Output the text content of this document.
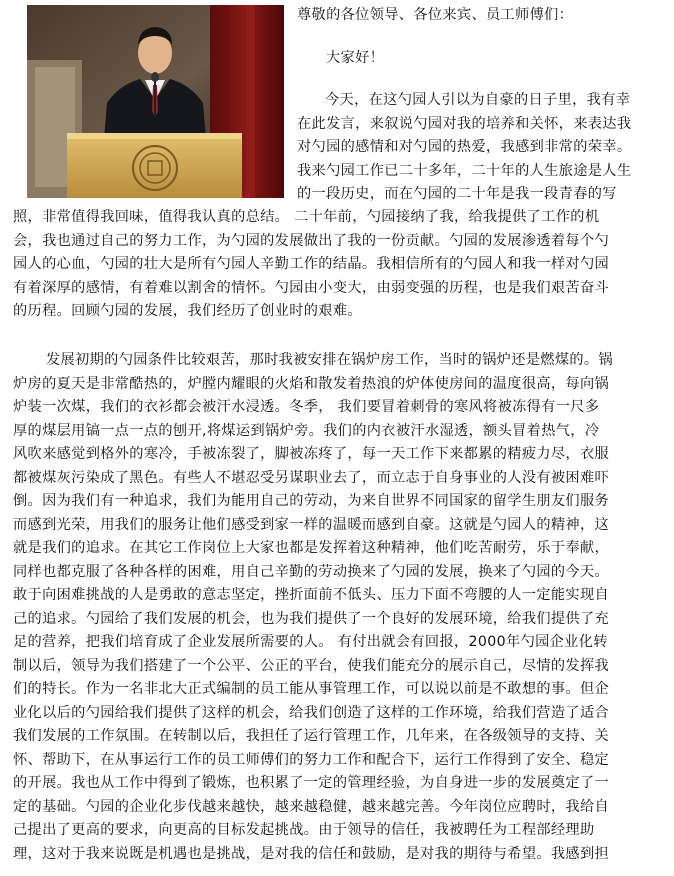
尊敬的各位领导、各位来宾、员工师傅们：
大家好！
今天，在这勺园人引以为自豪的日子里，我有幸
在此发言，来叙说勺园对我的培养和关怀，来表达我
对勺园的感情和对勺园的热爱，我感到非常的荣幸。
我来勺园工作已二十多年，二十年的人生旅途是人生
的一段历史，而在勺园的二十年是我一段青春的写
照，非常值得我回味，值得我认真的总结。 二十年前，勺园接纳了我，给我提供了工作的机
会，我也通过自己的努力工作，为勺园的发展做出了我的一份贡献。勺园的发展渗透着每个勺
园人的心血，勺园的壮大是所有勺园人辛勤工作的结晶。我相信所有的勺园人和我一样对勺园
有着深厚的感情，有着难以割舍的情怀。勺园由小变大，由弱变强的历程，也是我们艰苦奋斗
的历程。回顾勺园的发展，我们经历了创业时的艰难。
发展初期的勺园条件比较艰苦，那时我被安排在锅炉房工作，当时的锅炉还是燃煤的。锅
炉房的夏天是非常酷热的，炉膛内耀眼的火焰和散发着热浪的炉体使房间的温度很高，每向锅
炉装一次煤，我们的衣衫都会被汗水浸透。冬季， 我们要冒着刺骨的寒风将被冻得有一尺多
厚的煤层用镐一点一点的刨开,将煤运到锅炉旁。我们的内衣被汗水湿透，额头冒着热气，冷
风吹来感觉到格外的寒冷，手被冻裂了，脚被冻疼了，每一天工作下来都累的精疲力尽，衣服
都被煤灰污染成了黑色。有些人不堪忍受另谋职业去了，而立志于自身事业的人没有被困难吓
倒。因为我们有一种追求，我们为能用自己的劳动，为来自世界不同国家的留学生朋友们服务
而感到光荣，用我们的服务让他们感受到家一样的温暖而感到自豪。这就是勺园人的精神，这
就是我们的追求。在其它工作岗位上大家也都是发挥着这种精神，他们吃苦耐劳，乐于奉献，
同样也都克服了各种各样的困难，用自己辛勤的劳动换来了勺园的发展，换来了勺园的今天。
敢于向困难挑战的人是勇敢的意志坚定，挫折面前不低头、压力下面不弯腰的人一定能实现自
己的追求。勺园给了我们发展的机会，也为我们提供了一个良好的发展环境，给我们提供了充
足的营养，把我们培育成了企业发展所需要的人。 有付出就会有回报，2000年勺园企业化转
制以后，领导为我们搭建了一个公平、公正的平台，使我们能充分的展示自己，尽情的发挥我
们的特长。作为一名非北大正式编制的员工能从事管理工作，可以说以前是不敢想的事。但企
业化以后的勺园给我们提供了这样的机会，给我们创造了这样的工作环境，给我们营造了适合
我们发展的工作氛围。在转制以后，我担任了运行管理工作，几年来，在各级领导的支持、关
怀、帮助下，在从事运行工作的员工师傅们的努力工作和配合下，运行工作得到了安全、稳定
的开展。我也从工作中得到了锻炼，也积累了一定的管理经验，为自身进一步的发展奠定了一
定的基础。勺园的企业化步伐越来越快，越来越稳健，越来越完善。今年岗位应聘时，我给自
己提出了更高的要求，向更高的目标发起挑战。由于领导的信任，我被聘任为工程部经理助
理，这对于我来说既是机遇也是挑战，是对我的信任和鼓励，是对我的期待与希望。我感到担
